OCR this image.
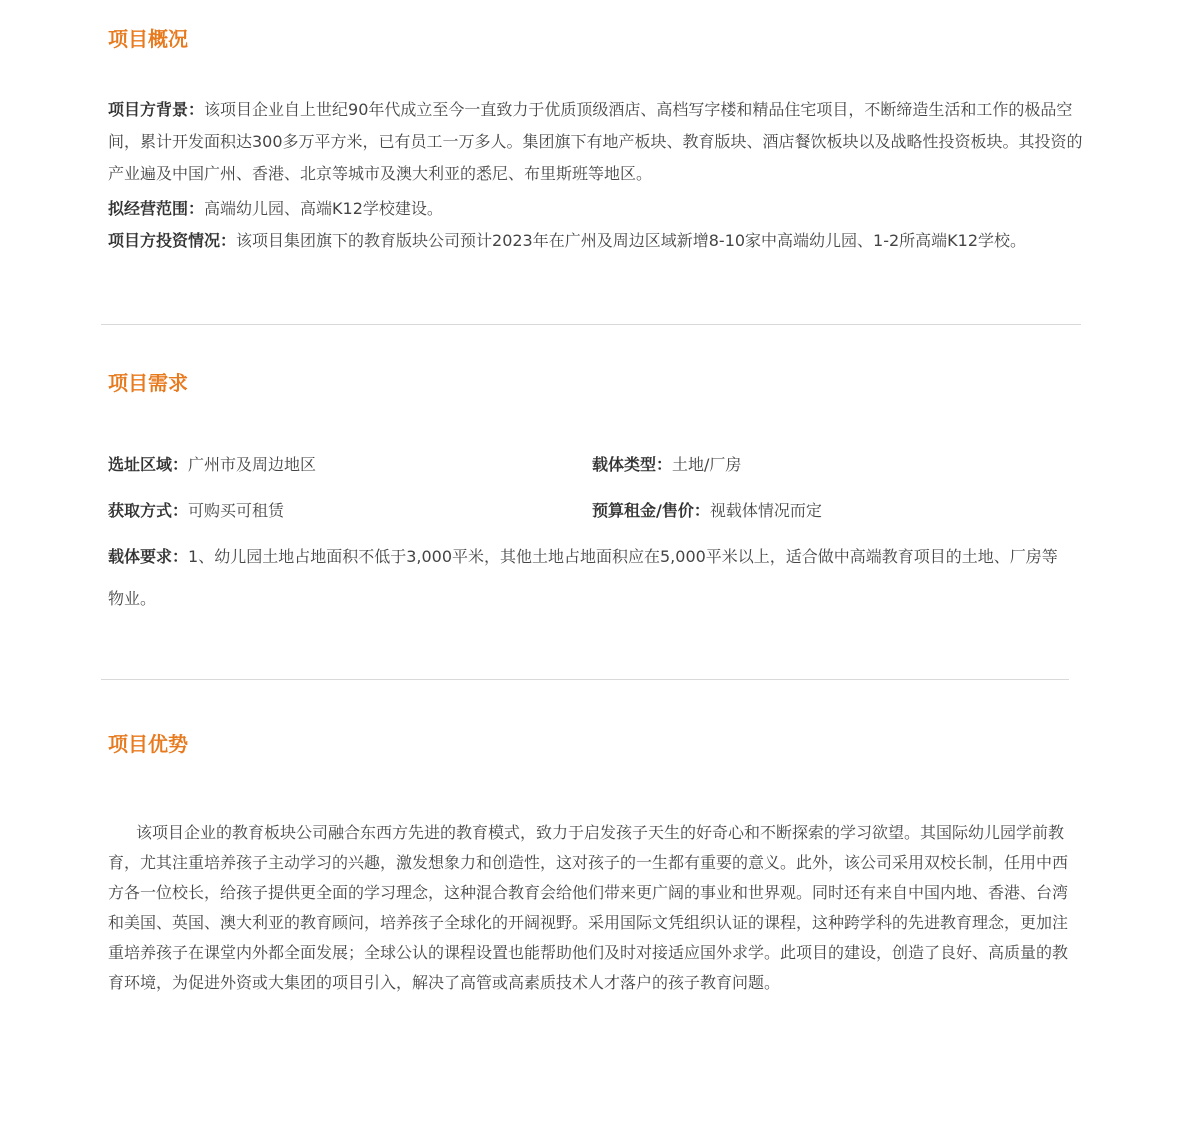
项目概况

项目方背景：该项目企业自上世纪90年代成立至今一直致力于优质顶级酒店、高档写字楼和精品住宅项目，不断缔造生活和工作的极品空间，累计开发面积达300多万平方米，已有员工一万多人。集团旗下有地产板块、教育版块、酒店餐饮板块以及战略性投资板块。其投资的产业遍及中国广州、香港、北京等城市及澳大利亚的悉尼、布里斯班等地区。

拟经营范围：高端幼儿园、高端K12学校建设。

项目方投资情况：该项目集团旗下的教育版块公司预计2023年在广州及周边区域新增8-10家中高端幼儿园、1-2所高端K12学校。

项目需求
选址区域：广州市及周边地区	载体类型：土地/厂房
获取方式：可购买可租赁	预算租金/售价：视载体情况而定

载体要求：1、幼儿园土地占地面积不低于3,000平米，其他土地占地面积应在5,000平米以上，适合做中高端教育项目的土地、厂房等物业。

项目优势

该项目企业的教育板块公司融合东西方先进的教育模式，致力于启发孩子天生的好奇心和不断探索的学习欲望。其国际幼儿园学前教育，尤其注重培养孩子主动学习的兴趣，激发想象力和创造性，这对孩子的一生都有重要的意义。此外，该公司采用双校长制，任用中西方各一位校长，给孩子提供更全面的学习理念，这种混合教育会给他们带来更广阔的事业和世界观。同时还有来自中国内地、香港、台湾和美国、英国、澳大利亚的教育顾问，培养孩子全球化的开阔视野。采用国际文凭组织认证的课程，这种跨学科的先进教育理念，更加注重培养孩子在课堂内外都全面发展；全球公认的课程设置也能帮助他们及时对接适应国外求学。此项目的建设，创造了良好、高质量的教育环境，为促进外资或大集团的项目引入，解决了高管或高素质技术人才落户的孩子教育问题。
